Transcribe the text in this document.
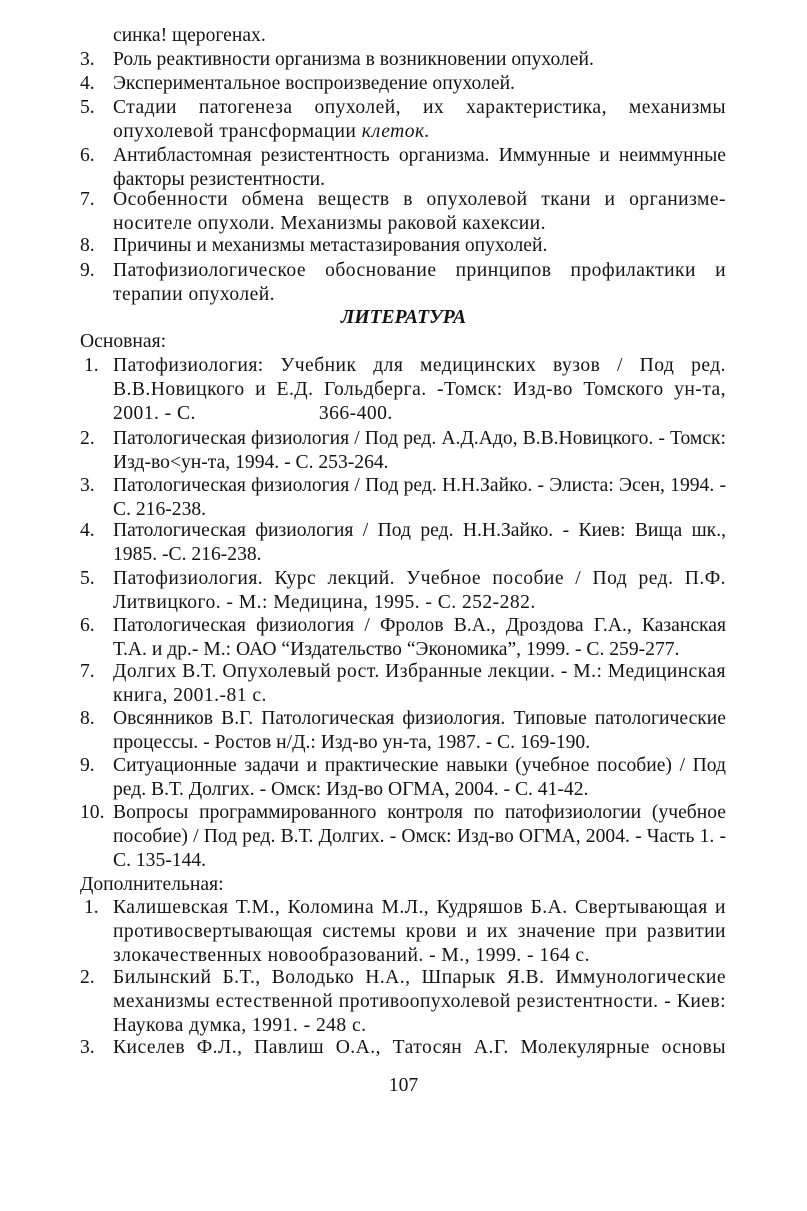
синка! щерогенах.
3. Роль реактивности организма в возникновении опухолей.
4. Экспериментальное воспроизведение опухолей.
5. Стадии патогенеза опухолей, их характеристика, механизмы опухолевой трансформации клеток.
6. Антибластомная резистентность организма. Иммунные и неиммунные факторы резистентности.
7. Особенности обмена веществ в опухолевой ткани и организме-носителе опухоли. Механизмы раковой кахексии.
8. Причины и механизмы метастазирования опухолей.
9. Патофизиологическое обоснование принципов профилактики и терапии опухолей.
ЛИТЕРАТУРА
Основная:
1. Патофизиология: Учебник для медицинских вузов / Под ред. В.В.Новицкого и Е.Д. Гольдберга. -Томск: Изд-во Томского ун-та, 2001. - С.                       366-400.
2. Патологическая физиология / Под ред. А.Д.Адо, В.В.Новицкого. - Томск: Изд-во<ун-та, 1994. - С. 253-264.
3. Патологическая физиология / Под ред. Н.Н.Зайко. - Элиста: Эсен, 1994. - С. 216-238.
4. Патологическая физиология / Под ред. Н.Н.Зайко. - Киев: Вища шк., 1985. -С. 216-238.
5. Патофизиология. Курс лекций. Учебное пособие / Под ред. П.Ф. Литвицкого. - М.: Медицина, 1995. - С. 252-282.
6. Патологическая физиология / Фролов В.А., Дроздова Г.А., Казанская Т.А. и др.- М.: ОАО “Издательство “Экономика”, 1999. - С. 259-277.
7. Долгих В.Т. Опухолевый рост. Избранные лекции. - М.: Медицинская книга, 2001.-81 с.
8. Овсянников В.Г. Патологическая физиология. Типовые патологические процессы. - Ростов н/Д.: Изд-во ун-та, 1987. - С. 169-190.
9. Ситуационные задачи и практические навыки (учебное пособие) / Под ред. В.Т. Долгих. - Омск: Изд-во ОГМА, 2004. - С. 41-42.
10. Вопросы программированного контроля по патофизиологии (учебное пособие) / Под ред. В.Т. Долгих. - Омск: Изд-во ОГМА, 2004. - Часть 1. - С. 135-144.
Дополнительная:
1. Калишевская Т.М., Коломина М.Л., Кудряшов Б.А. Свертывающая и противосвертывающая системы крови и их значение при развитии злокачественных новообразований. - М., 1999. - 164 с.
2. Билынский Б.Т., Володько Н.А., Шпарык Я.В. Иммунологические механизмы естественной противоопухолевой резистентности. - Киев: Наукова думка, 1991. - 248 с.
3. Киселев Ф.Л., Павлиш О.А., Татосян А.Г. Молекулярные основы
107
